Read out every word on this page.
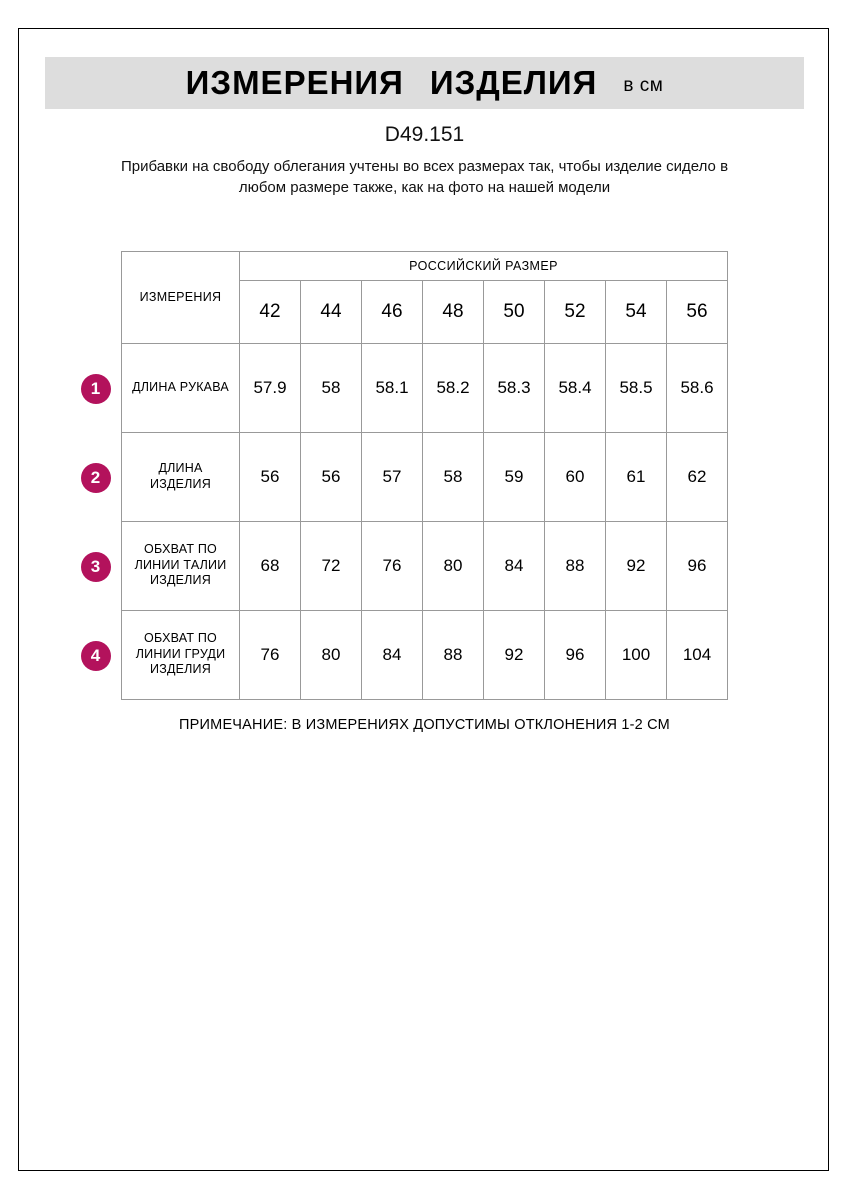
ИЗМЕРЕНИЯ ИЗДЕЛИЯ в см
D49.151
Прибавки на свободу облегания учтены во всех размерах так, чтобы изделие сидело в любом размере также, как на фото на нашей модели
ИЗМЕРЕНИЯ	РОССИЙСКИЙ РАЗМЕР							
	42	44	46	48	50	52	54	56
ДЛИНА РУКАВА	57.9	58	58.1	58.2	58.3	58.4	58.5	58.6
ДЛИНА ИЗДЕЛИЯ	56	56	57	58	59	60	61	62
ОБХВАТ ПО ЛИНИИ ТАЛИИ ИЗДЕЛИЯ	68	72	76	80	84	88	92	96
ОБХВАТ ПО ЛИНИИ ГРУДИ ИЗДЕЛИЯ	76	80	84	88	92	96	100	104
ПРИМЕЧАНИЕ: В ИЗМЕРЕНИЯХ ДОПУСТИМЫ ОТКЛОНЕНИЯ 1-2 СМ
1
2
3
4
